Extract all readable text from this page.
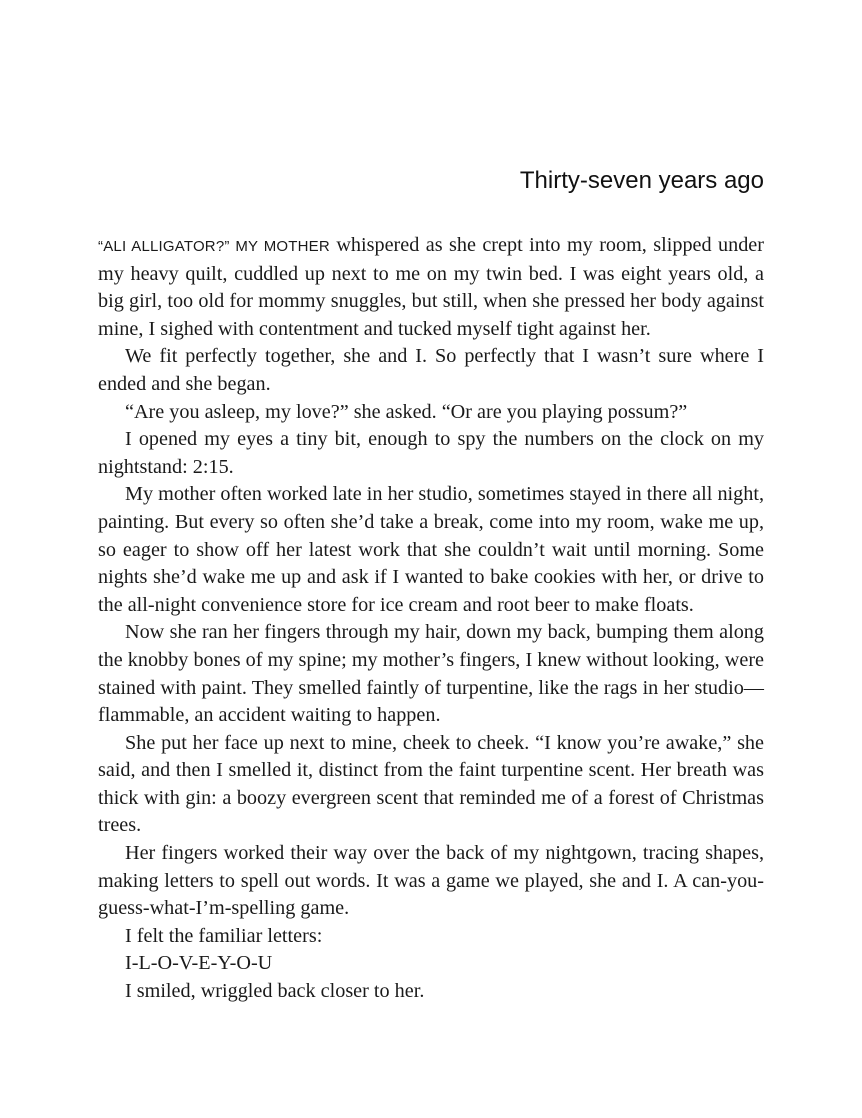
Thirty-seven years ago

“ALI ALLIGATOR?” MY MOTHER whispered as she crept into my room, slipped under my heavy quilt, cuddled up next to me on my twin bed. I was eight years old, a big girl, too old for mommy snuggles, but still, when she pressed her body against mine, I sighed with contentment and tucked myself tight against her.

We fit perfectly together, she and I. So perfectly that I wasn’t sure where I ended and she began.

“Are you asleep, my love?” she asked. “Or are you playing possum?”

I opened my eyes a tiny bit, enough to spy the numbers on the clock on my nightstand: 2:15.

My mother often worked late in her studio, sometimes stayed in there all night, painting. But every so often she’d take a break, come into my room, wake me up, so eager to show off her latest work that she couldn’t wait until morning. Some nights she’d wake me up and ask if I wanted to bake cookies with her, or drive to the all-night convenience store for ice cream and root beer to make floats.

Now she ran her fingers through my hair, down my back, bumping them along the knobby bones of my spine; my mother’s fingers, I knew without looking, were stained with paint. They smelled faintly of turpentine, like the rags in her studio—flammable, an accident waiting to happen.

She put her face up next to mine, cheek to cheek. “I know you’re awake,” she said, and then I smelled it, distinct from the faint turpentine scent. Her breath was thick with gin: a boozy evergreen scent that reminded me of a forest of Christmas trees.

Her fingers worked their way over the back of my nightgown, tracing shapes, making letters to spell out words. It was a game we played, she and I. A can-you-guess-what-I’m-spelling game.

I felt the familiar letters:

I-L-O-V-E-Y-O-U

I smiled, wriggled back closer to her.
